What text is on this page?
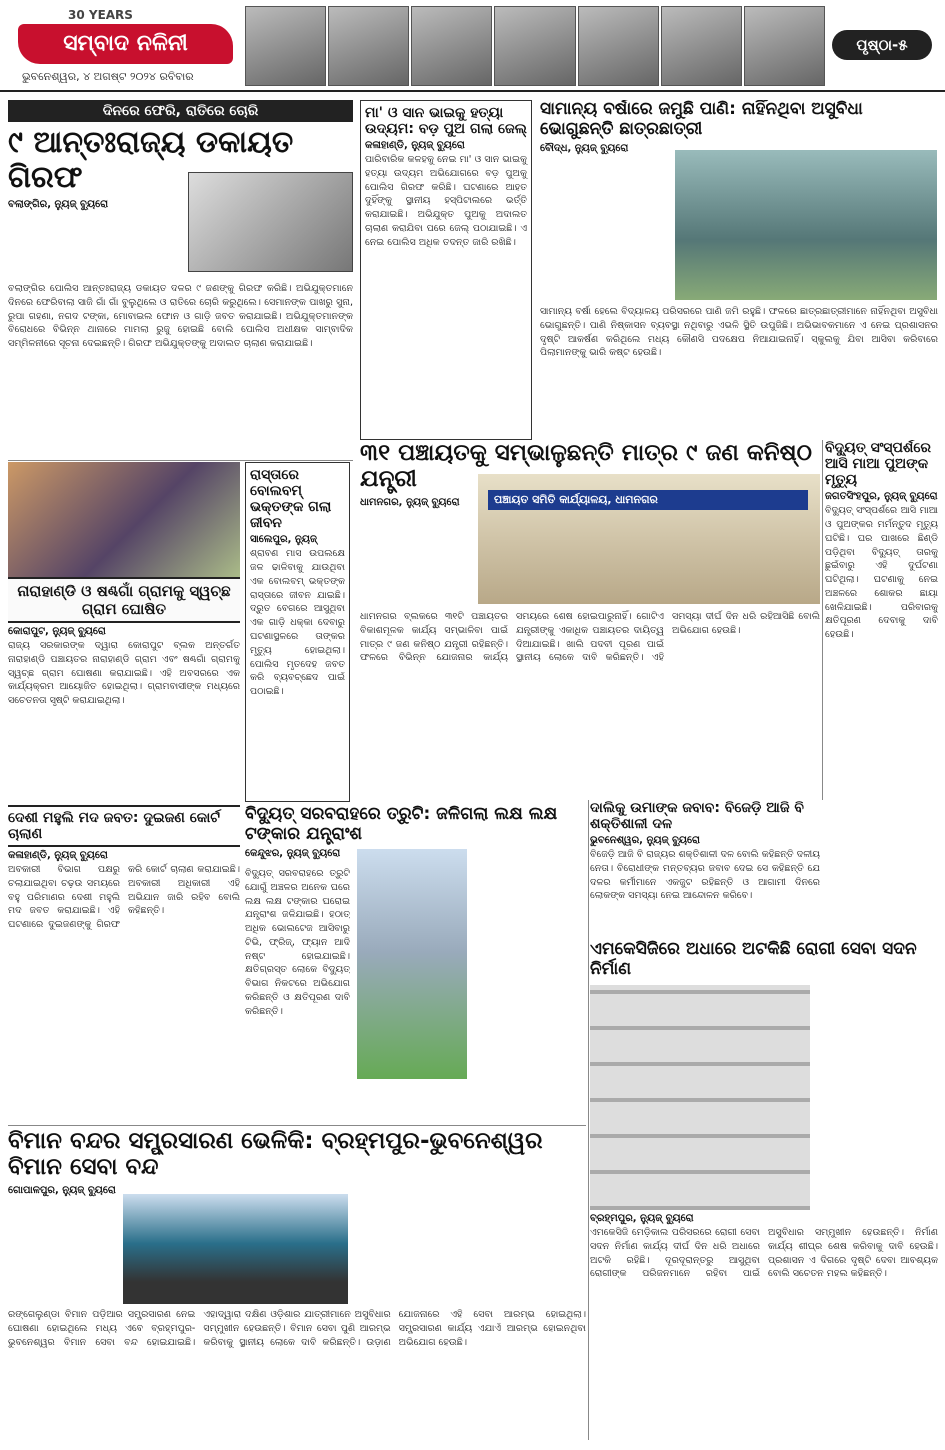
30 YEARS
ସମ୍ବାଦ ନଳିନୀ
ଭୁବନେଶ୍ୱର, ୪ ଅଗଷ୍ଟ ୨୦୨୪ ରବିବାର
ପୃଷ୍ଠା-୫
ଦିନରେ ଫେରି, ରାତିରେ ଚୋରି
୯ ଆନ୍ତଃରାଜ୍ୟ ଡକାୟତ ଗିରଫ
ବଲାଙ୍ଗିର, ନ୍ୟୁଜ୍ ବ୍ୟୁରୋ
ବଲାଙ୍ଗିର ପୋଲିସ ଆନ୍ତଃରାଜ୍ୟ ଡକାୟତ ଦଳର ୯ ଜଣଙ୍କୁ ଗିରଫ କରିଛି। ଅଭିଯୁକ୍ତମାନେ ଦିନରେ ଫେରିବାଲା ସାଜି ଗାଁ ଗାଁ ବୁଲୁଥିଲେ ଓ ରାତିରେ ଚୋରି କରୁଥିଲେ। ସେମାନଙ୍କ ପାଖରୁ ସୁନା, ରୁପା ଗହଣା, ନଗଦ ଟଙ୍କା, ମୋବାଇଲ ଫୋନ ଓ ଗାଡ଼ି ଜବତ କରାଯାଇଛି। ଅଭିଯୁକ୍ତମାନଙ୍କ ବିରୋଧରେ ବିଭିନ୍ନ ଥାନାରେ ମାମଲା ରୁଜୁ ହୋଇଛି ବୋଲି ପୋଲିସ ଅଧୀକ୍ଷକ ସାମ୍ବାଦିକ ସମ୍ମିଳନୀରେ ସୂଚନା ଦେଇଛନ୍ତି। ଗିରଫ ଅଭିଯୁକ୍ତଙ୍କୁ ଅଦାଲତ ଚାଲାଣ କରାଯାଇଛି।
ମା' ଓ ସାନ ଭାଇକୁ ହତ୍ୟା ଉଦ୍ୟମ: ବଡ଼ ପୁଅ ଗଲା ଜେଲ୍
କଳାହାଣ୍ଡି, ନ୍ୟୁଜ୍ ବ୍ୟୁରୋ
ପାରିବାରିକ କଳହକୁ ନେଇ ମା' ଓ ସାନ ଭାଇକୁ ହତ୍ୟା ଉଦ୍ୟମ ଅଭିଯୋଗରେ ବଡ଼ ପୁଅକୁ ପୋଲିସ ଗିରଫ କରିଛି। ଘଟଣାରେ ଆହତ ଦୁହିଁଙ୍କୁ ସ୍ଥାନୀୟ ହସ୍ପିଟାଲରେ ଭର୍ତ୍ତି କରାଯାଇଛି। ଅଭିଯୁକ୍ତ ପୁଅକୁ ଅଦାଲତ ଚାଲାଣ କରାଯିବା ପରେ ଜେଲ୍ ପଠାଯାଇଛି। ଏ ନେଇ ପୋଲିସ ଅଧିକ ତଦନ୍ତ ଜାରି ରଖିଛି।
ସାମାନ୍ୟ ବର୍ଷାରେ ଜମୁଛି ପାଣି: ନାହିଁନଥିବା ଅସୁବିଧା ଭୋଗୁଛନ୍ତି ଛାତ୍ରଛାତ୍ରୀ
ବୌଦ୍ଧ, ନ୍ୟୁଜ୍ ବ୍ୟୁରୋ
ସାମାନ୍ୟ ବର୍ଷା ହେଲେ ବିଦ୍ୟାଳୟ ପରିସରରେ ପାଣି ଜମି ରହୁଛି। ଫଳରେ ଛାତ୍ରଛାତ୍ରୀମାନେ ନାହିଁନଥିବା ଅସୁବିଧା ଭୋଗୁଛନ୍ତି। ପାଣି ନିଷ୍କାସନ ବ୍ୟବସ୍ଥା ନଥିବାରୁ ଏଭଳି ସ୍ଥିତି ଉପୁଜିଛି। ଅଭିଭାବକମାନେ ଏ ନେଇ ପ୍ରଶାସନର ଦୃଷ୍ଟି ଆକର୍ଷଣ କରିଥିଲେ ମଧ୍ୟ କୌଣସି ପଦକ୍ଷେପ ନିଆଯାଇନାହିଁ। ସ୍କୁଲକୁ ଯିବା ଆସିବା କରିବାରେ ପିଲାମାନଙ୍କୁ ଭାରି କଷ୍ଟ ହେଉଛି।
ନାରାହାଣ୍ଡି ଓ ଷଣ୍ଢଗାଁ ଗ୍ରାମକୁ ସ୍ୱଚ୍ଛ ଗ୍ରାମ ଘୋଷିତ
କୋରାପୁଟ, ନ୍ୟୁଜ୍ ବ୍ୟୁରୋ
ରାଜ୍ୟ ସରକାରଙ୍କ ଦ୍ୱାରା କୋରାପୁଟ ବ୍ଲକ ଅନ୍ତର୍ଗତ ନାରାହାଣ୍ଡି ପଞ୍ଚାୟତର ନାରାହାଣ୍ଡି ଗ୍ରାମ ଏବଂ ଷଣ୍ଢଗାଁ ଗ୍ରାମକୁ ସ୍ୱଚ୍ଛ ଗ୍ରାମ ଘୋଷଣା କରାଯାଇଛି। ଏହି ଅବସରରେ ଏକ କାର୍ଯ୍ୟକ୍ରମ ଆୟୋଜିତ ହୋଇଥିଲା। ଗ୍ରାମବାସୀଙ୍କ ମଧ୍ୟରେ ସଚେତନତା ସୃଷ୍ଟି କରାଯାଇଥିଲା।
ରାସ୍ତାରେ ବୋଲବମ୍ ଭକ୍ତଙ୍କ ଗଲା ଜୀବନ
ସାଲେପୁର, ନ୍ୟୁଜ୍
ଶ୍ରାବଣ ମାସ ଉପଲକ୍ଷେ ଜଳ ଢାଳିବାକୁ ଯାଉଥିବା ଏକ ବୋଲବମ୍ ଭକ୍ତଙ୍କ ରାସ୍ତାରେ ଜୀବନ ଯାଇଛି। ଦ୍ରୁତ ବେଗରେ ଆସୁଥିବା ଏକ ଗାଡ଼ି ଧକ୍କା ଦେବାରୁ ଘଟଣାସ୍ଥଳରେ ତାଙ୍କର ମୃତ୍ୟୁ ହୋଇଥିଲା। ପୋଲିସ ମୃତଦେହ ଜବତ କରି ବ୍ୟବଚ୍ଛେଦ ପାଇଁ ପଠାଇଛି।
୩୧ ପଞ୍ଚାୟତକୁ ସମ୍ଭାଳୁଛନ୍ତି ମାତ୍ର ୯ ଜଣ କନିଷ୍ଠ ଯନ୍ତ୍ରୀ
ଧାମନଗର, ନ୍ୟୁଜ୍ ବ୍ୟୁରୋ	ପଞ୍ଚାୟତ ସମିତି କାର୍ଯ୍ୟାଳୟ, ଧାମନଗର
ଧାମନଗର ବ୍ଲକରେ ୩୧ଟି ପଞ୍ଚାୟତର ବିକାଶମୂଳକ କାର୍ଯ୍ୟ ସମ୍ଭାଳିବା ପାଇଁ ମାତ୍ର ୯ ଜଣ କନିଷ୍ଠ ଯନ୍ତ୍ରୀ ରହିଛନ୍ତି। ଫଳରେ ବିଭିନ୍ନ ଯୋଜନାର କାର୍ଯ୍ୟ ସମୟରେ ଶେଷ ହୋଇପାରୁନାହିଁ। ଗୋଟିଏ ଯନ୍ତ୍ରୀଙ୍କୁ ଏକାଧିକ ପଞ୍ଚାୟତର ଦାୟିତ୍ୱ ଦିଆଯାଇଛି। ଖାଲି ପଦବୀ ପୂରଣ ପାଇଁ ସ୍ଥାନୀୟ ଲୋକେ ଦାବି କରିଛନ୍ତି। ଏହି ସମସ୍ୟା ଦୀର୍ଘ ଦିନ ଧରି ରହିଆସିଛି ବୋଲି ଅଭିଯୋଗ ହେଉଛି।
ବିଦ୍ୟୁତ୍ ସଂସ୍ପର୍ଶରେ ଆସି ମାଆ ପୁଅଙ୍କ ମୃତ୍ୟୁ
ଜଗତସିଂହପୁର, ନ୍ୟୁଜ୍ ବ୍ୟୁରୋ
ବିଦ୍ୟୁତ୍ ସଂସ୍ପର୍ଶରେ ଆସି ମାଆ ଓ ପୁଅଙ୍କର ମର୍ମନ୍ତୁଦ ମୃତ୍ୟୁ ଘଟିଛି। ଘର ପାଖରେ ଛିଣ୍ଡି ପଡ଼ିଥିବା ବିଦ୍ୟୁତ୍ ତାରକୁ ଛୁଇଁବାରୁ ଏହି ଦୁର୍ଘଟଣା ଘଟିଥିଲା। ଘଟଣାକୁ ନେଇ ଅଞ୍ଚଳରେ ଶୋକର ଛାୟା ଖେଳିଯାଇଛି। ପରିବାରକୁ କ୍ଷତିପୂରଣ ଦେବାକୁ ଦାବି ହେଉଛି।
ଦେଶୀ ମହୁଲି ମଦ ଜବତ: ଦୁଇଜଣ କୋର୍ଟ ଚାଲାଣ
କଳାହାଣ୍ଡି, ନ୍ୟୁଜ୍ ବ୍ୟୁରୋ
ଅବକାରୀ ବିଭାଗ ପକ୍ଷରୁ ଚଲାଯାଇଥିବା ଚଢ଼ଉ ସମୟରେ ବହୁ ପରିମାଣର ଦେଶୀ ମହୁଲି ମଦ ଜବତ କରାଯାଇଛି। ଏହି ଘଟଣାରେ ଦୁଇଜଣଙ୍କୁ ଗିରଫ କରି କୋର୍ଟ ଚାଲାଣ କରାଯାଇଛି। ଅବକାରୀ ଅଧିକାରୀ ଏହି ଅଭିଯାନ ଜାରି ରହିବ ବୋଲି କହିଛନ୍ତି।
ବିଦ୍ୟୁତ୍ ସରବରାହରେ ତ୍ରୁଟି: ଜଳିଗଲା ଲକ୍ଷ ଲକ୍ଷ ଟଙ୍କାର ଯନ୍ତ୍ରାଂଶ
କେନ୍ଦୁଝର, ନ୍ୟୁଜ୍ ବ୍ୟୁରୋ
ବିଦ୍ୟୁତ୍ ସରବରାହରେ ତ୍ରୁଟି ଯୋଗୁଁ ଅଞ୍ଚଳର ଅନେକ ଘରେ ଲକ୍ଷ ଲକ୍ଷ ଟଙ୍କାର ଘରୋଇ ଯନ୍ତ୍ରାଂଶ ଜଳିଯାଇଛି। ହଠାତ୍ ଅଧିକ ଭୋଲଟେଜ ଆସିବାରୁ ଟିଭି, ଫ୍ରିଜ୍, ଫ୍ୟାନ ଆଦି ନଷ୍ଟ ହୋଇଯାଇଛି। କ୍ଷତିଗ୍ରସ୍ତ ଲୋକେ ବିଦ୍ୟୁତ୍ ବିଭାଗ ନିକଟରେ ଅଭିଯୋଗ କରିଛନ୍ତି ଓ କ୍ଷତିପୂରଣ ଦାବି କରିଛନ୍ତି।
ଦାଲିକୁ ଉମାଙ୍କ ଜବାବ: ବିଜେଡ଼ି ଆଜି ବି ଶକ୍ତିଶାଳୀ ଦଳ
ଭୁବନେଶ୍ୱର, ନ୍ୟୁଜ୍ ବ୍ୟୁରୋ
ବିଜେଡ଼ି ଆଜି ବି ରାଜ୍ୟର ଶକ୍ତିଶାଳୀ ଦଳ ବୋଲି କହିଛନ୍ତି ଦଳୀୟ ନେତା। ବିରୋଧୀଙ୍କ ମନ୍ତବ୍ୟର ଜବାବ ଦେଇ ସେ କହିଛନ୍ତି ଯେ ଦଳର କର୍ମୀମାନେ ଏକଜୁଟ ରହିଛନ୍ତି ଓ ଆଗାମୀ ଦିନରେ ଲୋକଙ୍କ ସମସ୍ୟା ନେଇ ଆନ୍ଦୋଳନ କରିବେ।
ଏମକେସିଜିରେ ଅଧାରେ ଅଟକିଛି ରୋଗୀ ସେବା ସଦନ ନିର୍ମାଣ
ବ୍ରହ୍ମପୁର, ନ୍ୟୁଜ୍ ବ୍ୟୁରୋ
ଏମକେସିଜି ମେଡ଼ିକାଲ ପରିସରରେ ରୋଗୀ ସେବା ସଦନ ନିର୍ମାଣ କାର୍ଯ୍ୟ ଦୀର୍ଘ ଦିନ ଧରି ଅଧାରେ ଅଟକି ରହିଛି। ଦୂରଦୂରାନ୍ତରୁ ଆସୁଥିବା ରୋଗୀଙ୍କ ପରିଜନମାନେ ରହିବା ପାଇଁ ଅସୁବିଧାର ସମ୍ମୁଖୀନ ହେଉଛନ୍ତି। ନିର୍ମାଣ କାର୍ଯ୍ୟ ଶୀଘ୍ର ଶେଷ କରିବାକୁ ଦାବି ହେଉଛି। ପ୍ରଶାସନ ଏ ଦିଗରେ ଦୃଷ୍ଟି ଦେବା ଆବଶ୍ୟକ ବୋଲି ସଚେତନ ମହଲ କହିଛନ୍ତି।
ବିମାନ ବନ୍ଦର ସମ୍ପ୍ରସାରଣ ଭେଳିକି: ବ୍ରହ୍ମପୁର-ଭୁବନେଶ୍ୱର ବିମାନ ସେବା ବନ୍ଦ
ଗୋପାଳପୁର, ନ୍ୟୁଜ୍ ବ୍ୟୁରୋ
ରଙ୍ଗେଲୁଣ୍ଡା ବିମାନ ପଡ଼ିଆର ସମ୍ପ୍ରସାରଣ ନେଇ ଘୋଷଣା ହୋଇଥିଲେ ମଧ୍ୟ ଏବେ ବ୍ରହ୍ମପୁର-ଭୁବନେଶ୍ୱର ବିମାନ ସେବା ବନ୍ଦ ହୋଇଯାଇଛି। ଏହାଦ୍ୱାରା ଦକ୍ଷିଣ ଓଡ଼ିଶାର ଯାତ୍ରୀମାନେ ଅସୁବିଧାର ସମ୍ମୁଖୀନ ହେଉଛନ୍ତି। ବିମାନ ସେବା ପୁଣି ଆରମ୍ଭ କରିବାକୁ ସ୍ଥାନୀୟ ଲୋକେ ଦାବି କରିଛନ୍ତି। ଉଡ଼ାଣ ଯୋଜନାରେ ଏହି ସେବା ଆରମ୍ଭ ହୋଇଥିଲା। ସମ୍ପ୍ରସାରଣ କାର୍ଯ୍ୟ ଏଯାଏଁ ଆରମ୍ଭ ହୋଇନଥିବା ଅଭିଯୋଗ ହେଉଛି।
